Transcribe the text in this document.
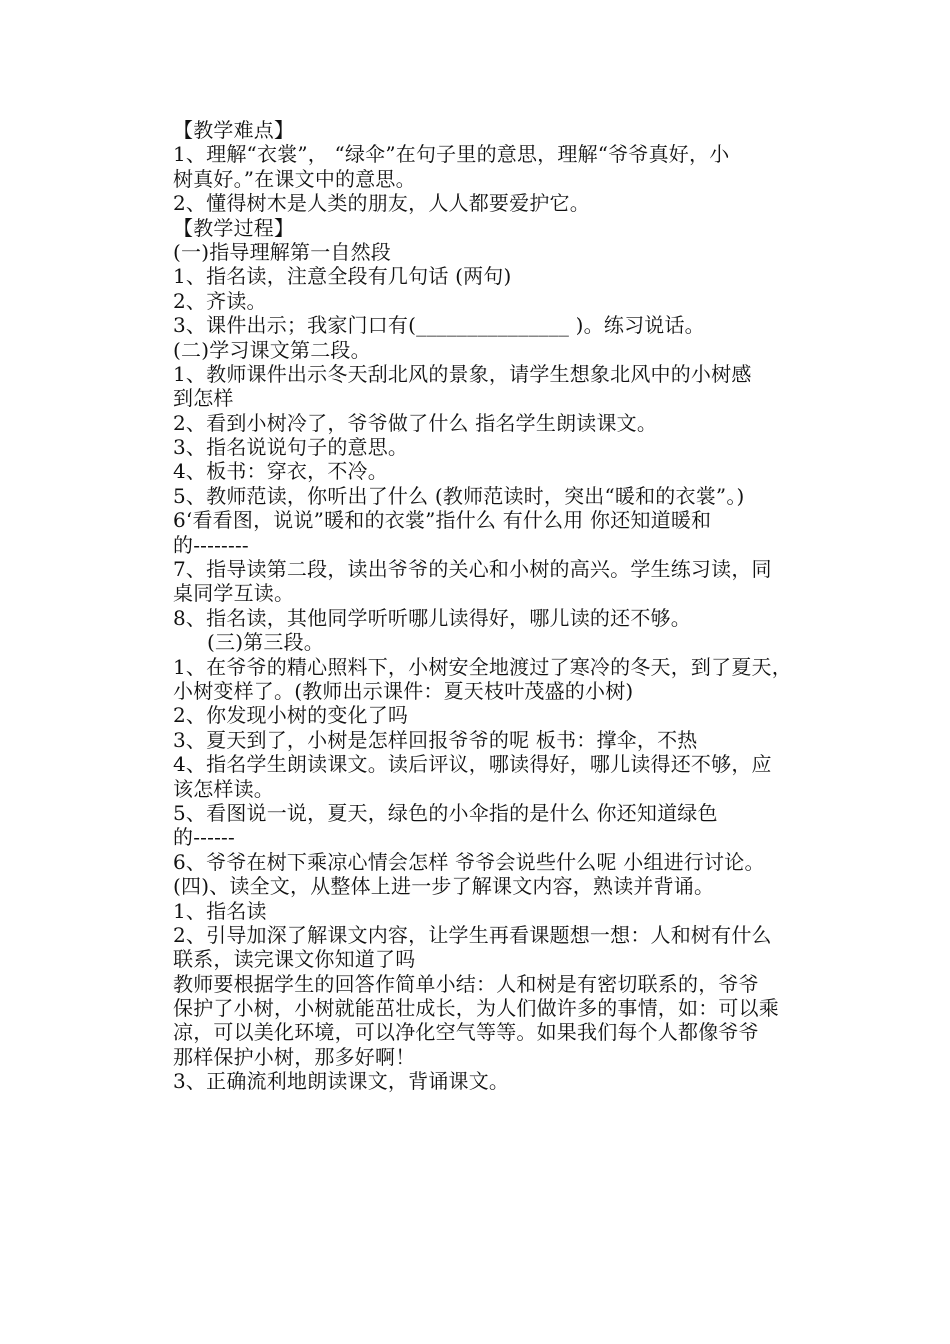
【教学难点】
1、理解“衣裳”， “绿伞”在句子里的意思，理解“爷爷真好，小
树真好。”在课文中的意思。
2、懂得树木是人类的朋友，人人都要爱护它。
【教学过程】
(一)指导理解第一自然段
1、指名读，注意全段有几句话 (两句)
2、齐读。
3、课件出示；我家门口有(_______________ )。练习说话。
(二)学习课文第二段。
1、教师课件出示冬天刮北风的景象，请学生想象北风中的小树感
到怎样
2、看到小树冷了，爷爷做了什么 指名学生朗读课文。
3、指名说说句子的意思。
4、板书：穿衣，不冷。
5、教师范读，你听出了什么 (教师范读时，突出“暖和的衣裳”。)
6‘看看图，说说”暖和的衣裳”指什么 有什么用 你还知道暖和
的--------
7、指导读第二段，读出爷爷的关心和小树的高兴。学生练习读，同
桌同学互读。
8、指名读，其他同学听听哪儿读得好，哪儿读的还不够。
(三)第三段。
1、在爷爷的精心照料下，小树安全地渡过了寒冷的冬天，到了夏天，
小树变样了。(教师出示课件：夏天枝叶茂盛的小树)
2、你发现小树的变化了吗
3、夏天到了，小树是怎样回报爷爷的呢 板书：撑伞，不热
4、指名学生朗读课文。读后评议，哪读得好，哪儿读得还不够，应
该怎样读。
5、看图说一说，夏天，绿色的小伞指的是什么 你还知道绿色
的------
6、爷爷在树下乘凉心情会怎样 爷爷会说些什么呢 小组进行讨论。
(四)、读全文，从整体上进一步了解课文内容，熟读并背诵。
1、指名读
2、引导加深了解课文内容，让学生再看课题想一想：人和树有什么
联系，读完课文你知道了吗
教师要根据学生的回答作简单小结：人和树是有密切联系的，爷爷
保护了小树，小树就能茁壮成长，为人们做许多的事情，如：可以乘
凉，可以美化环境，可以净化空气等等。如果我们每个人都像爷爷
那样保护小树，那多好啊！
3、正确流利地朗读课文，背诵课文。
